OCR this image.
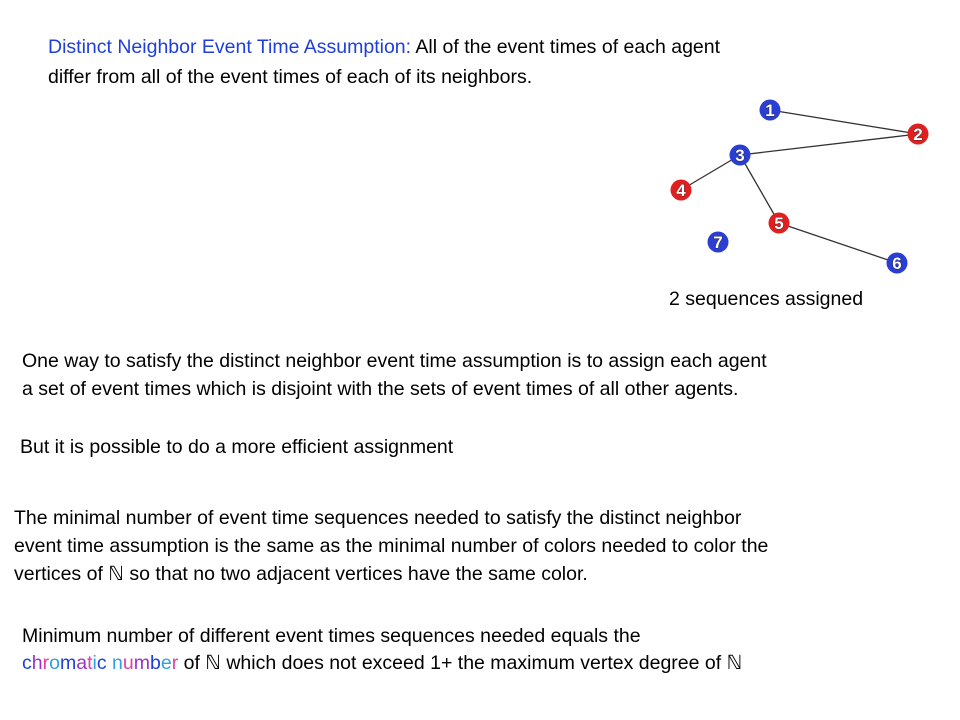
Distinct Neighbor Event Time Assumption: All of the event times of each agent

differ from all of the event times of each of its neighbors.

1
2
3
4
5
6
7

2 sequences assigned

One way to satisfy the distinct neighbor event time assumption is to assign each agent

a set of event times which is disjoint with the sets of event times of all other agents.

But it is possible to do a more efficient assignment

The minimal number of event time sequences needed to satisfy the distinct neighbor

event time assumption is the same as the minimal number of colors needed to color the

vertices of ℕ so that no two adjacent vertices have the same color.

Minimum number of different event times sequences needed equals the

chromatic number of ℕ which does not exceed 1+ the maximum vertex degree of ℕ
